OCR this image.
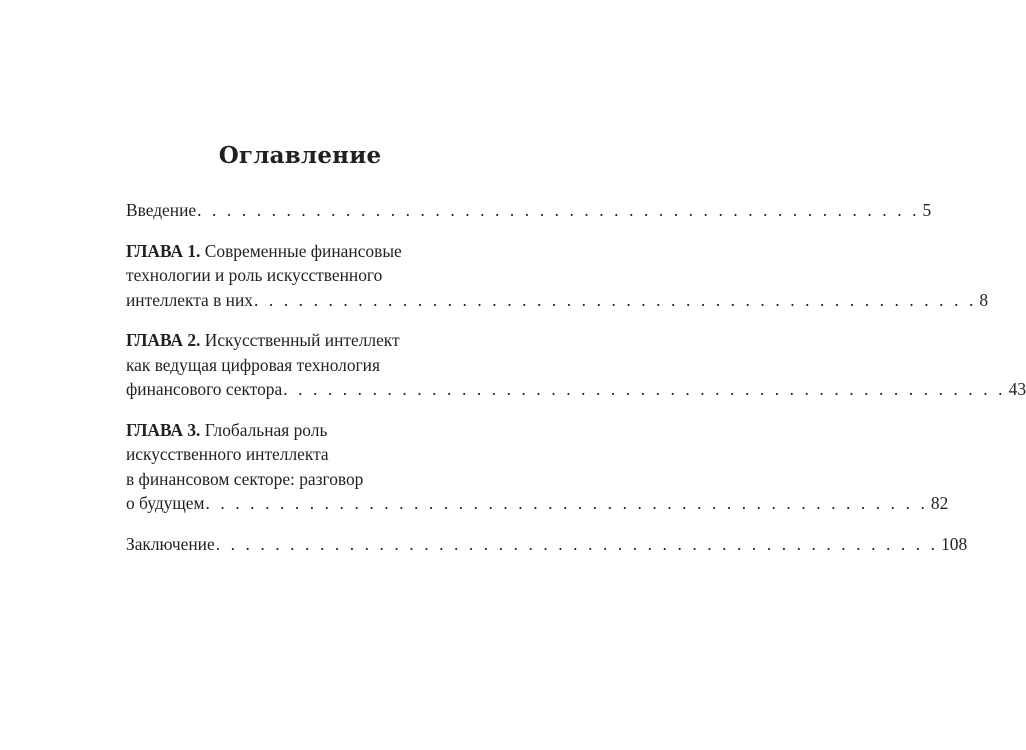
Оглавление
Введение . . . . . . . . . . . . . . . . . . . . . . . . . . . . . . . . . . . . . . . . . . . . . . . . . 5
ГЛАВА 1. Современные финансовые
технологии и роль искусственного
интеллекта в них . . . . . . . . . . . . . . . . . . . . . . . . . . . . . . . . . . . . . . . . . . . . . . . . . 8
ГЛАВА 2. Искусственный интеллект
как ведущая цифровая технология
финансового сектора . . . . . . . . . . . . . . . . . . . . . . . . . . . . . . . . . . . . . . . . . . . . . . . . . 43
ГЛАВА 3. Глобальная роль
искусственного интеллекта
в финансовом секторе: разговор
о будущем . . . . . . . . . . . . . . . . . . . . . . . . . . . . . . . . . . . . . . . . . . . . . . . . . 82
Заключение . . . . . . . . . . . . . . . . . . . . . . . . . . . . . . . . . . . . . . . . . . . . . . . . . 108
